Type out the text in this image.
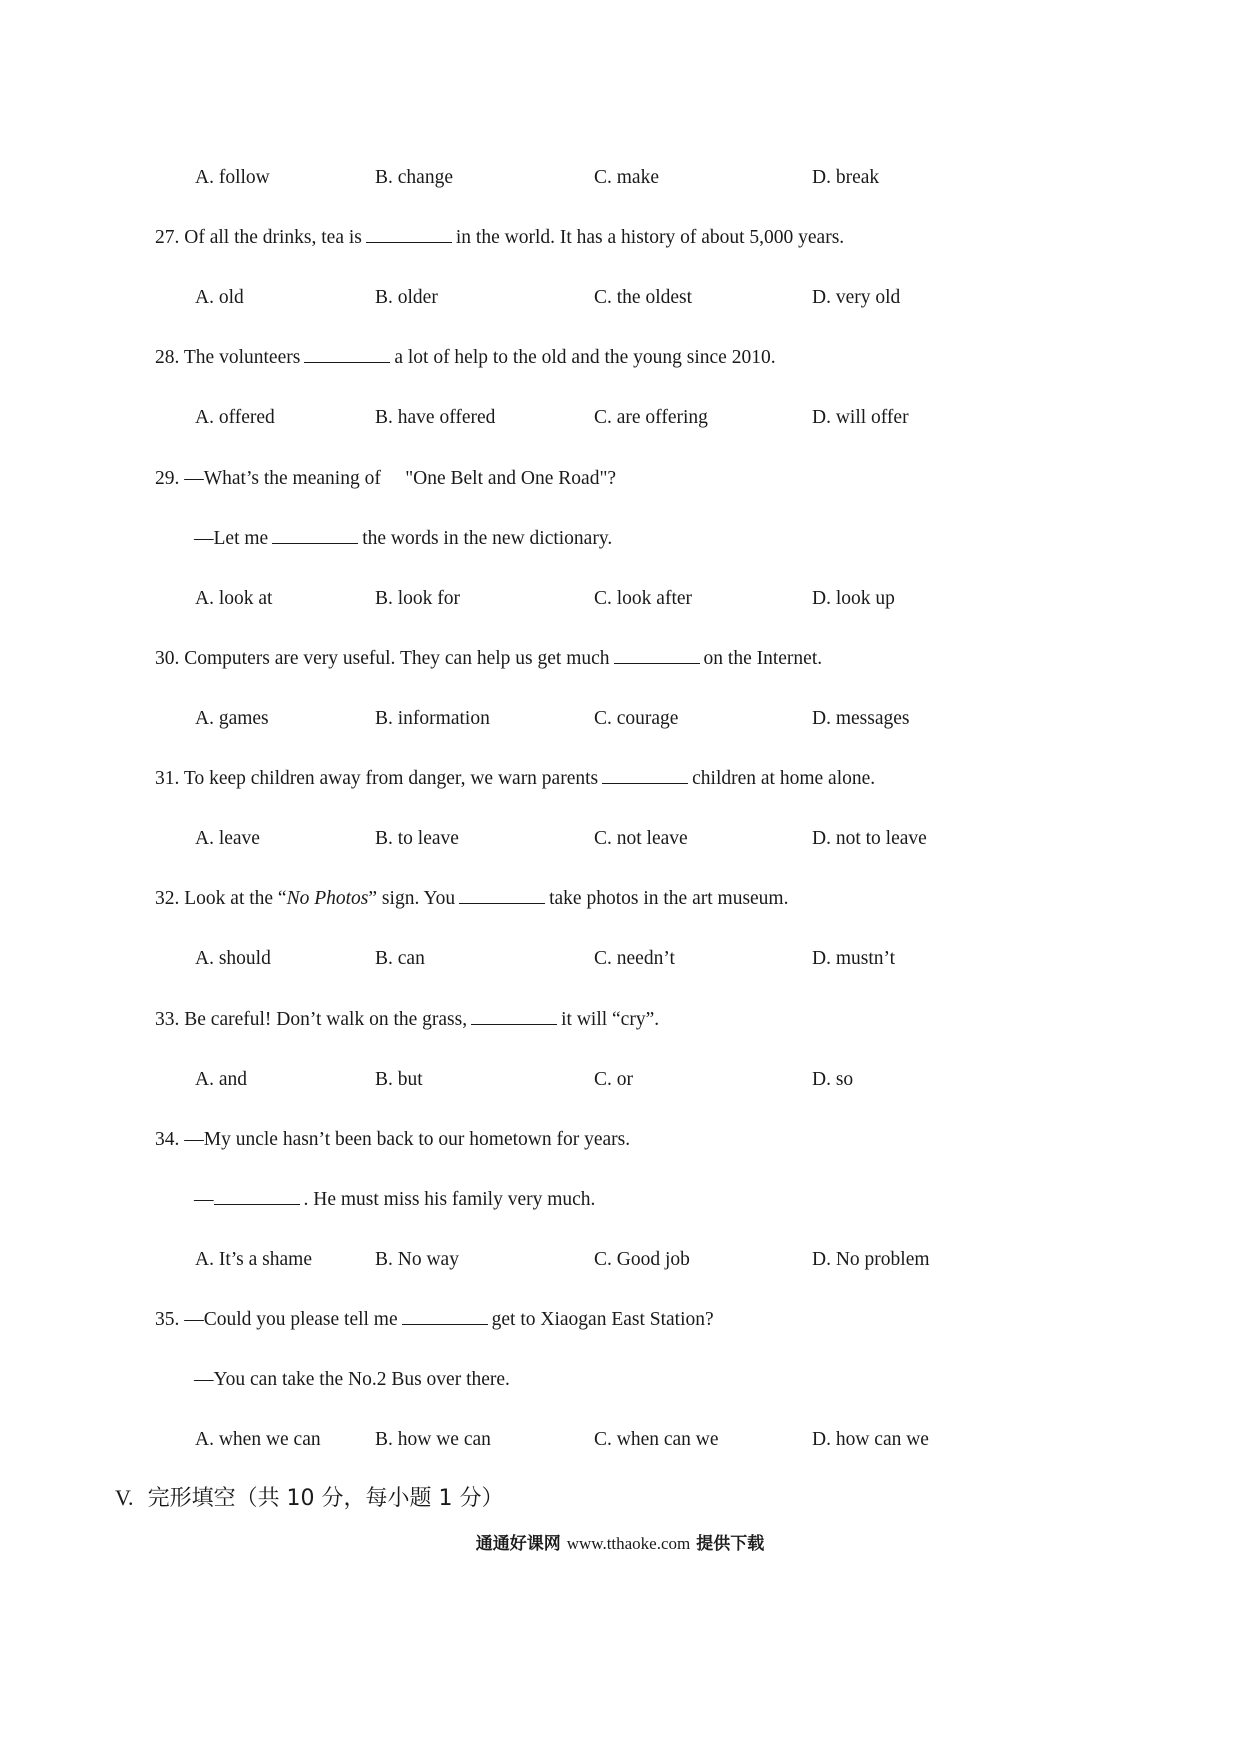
A. follow	B. change	C. make	D. break
27. Of all the drinks, tea is	in the world. It has a history of about 5,000 years.
A. old	B. older	C. the oldest	D. very old
28. The volunteers	a lot of help to the old and the young since 2010.
A. offered	B. have offered	C. are offering	D. will offer
29. —What’s the meaning of 　"One Belt and One Road"?
—Let me	the words in the new dictionary.
A. look at	B. look for	C. look after	D. look up
30. Computers are very useful. They can help us get much	on the Internet.
A. games	B. information	C. courage	D. messages
31. To keep children away from danger, we warn parents	children at home alone.
A. leave	B. to leave	C. not leave	D. not to leave
32. Look at the “No Photos” sign. You	take photos in the art museum.
A. should	B. can	C. needn’t	D. mustn’t
33. Be careful! Don’t walk on the grass,	it will “cry”.
A. and	B. but	C. or	D. so
34. —My uncle hasn’t been back to our hometown for years.
—	. He must miss his family very much.
A. It’s a shame	B. No way	C. Good job	D. No problem
35. —Could you please tell me	get to Xiaogan East Station?
—You can take the No.2 Bus over there.
A. when we can	B. how we can	C. when can we	D. how can we
V. 完形填空（共 10 分，每小题 1 分）
通通好课网 www.tthaoke.com 提供下载
